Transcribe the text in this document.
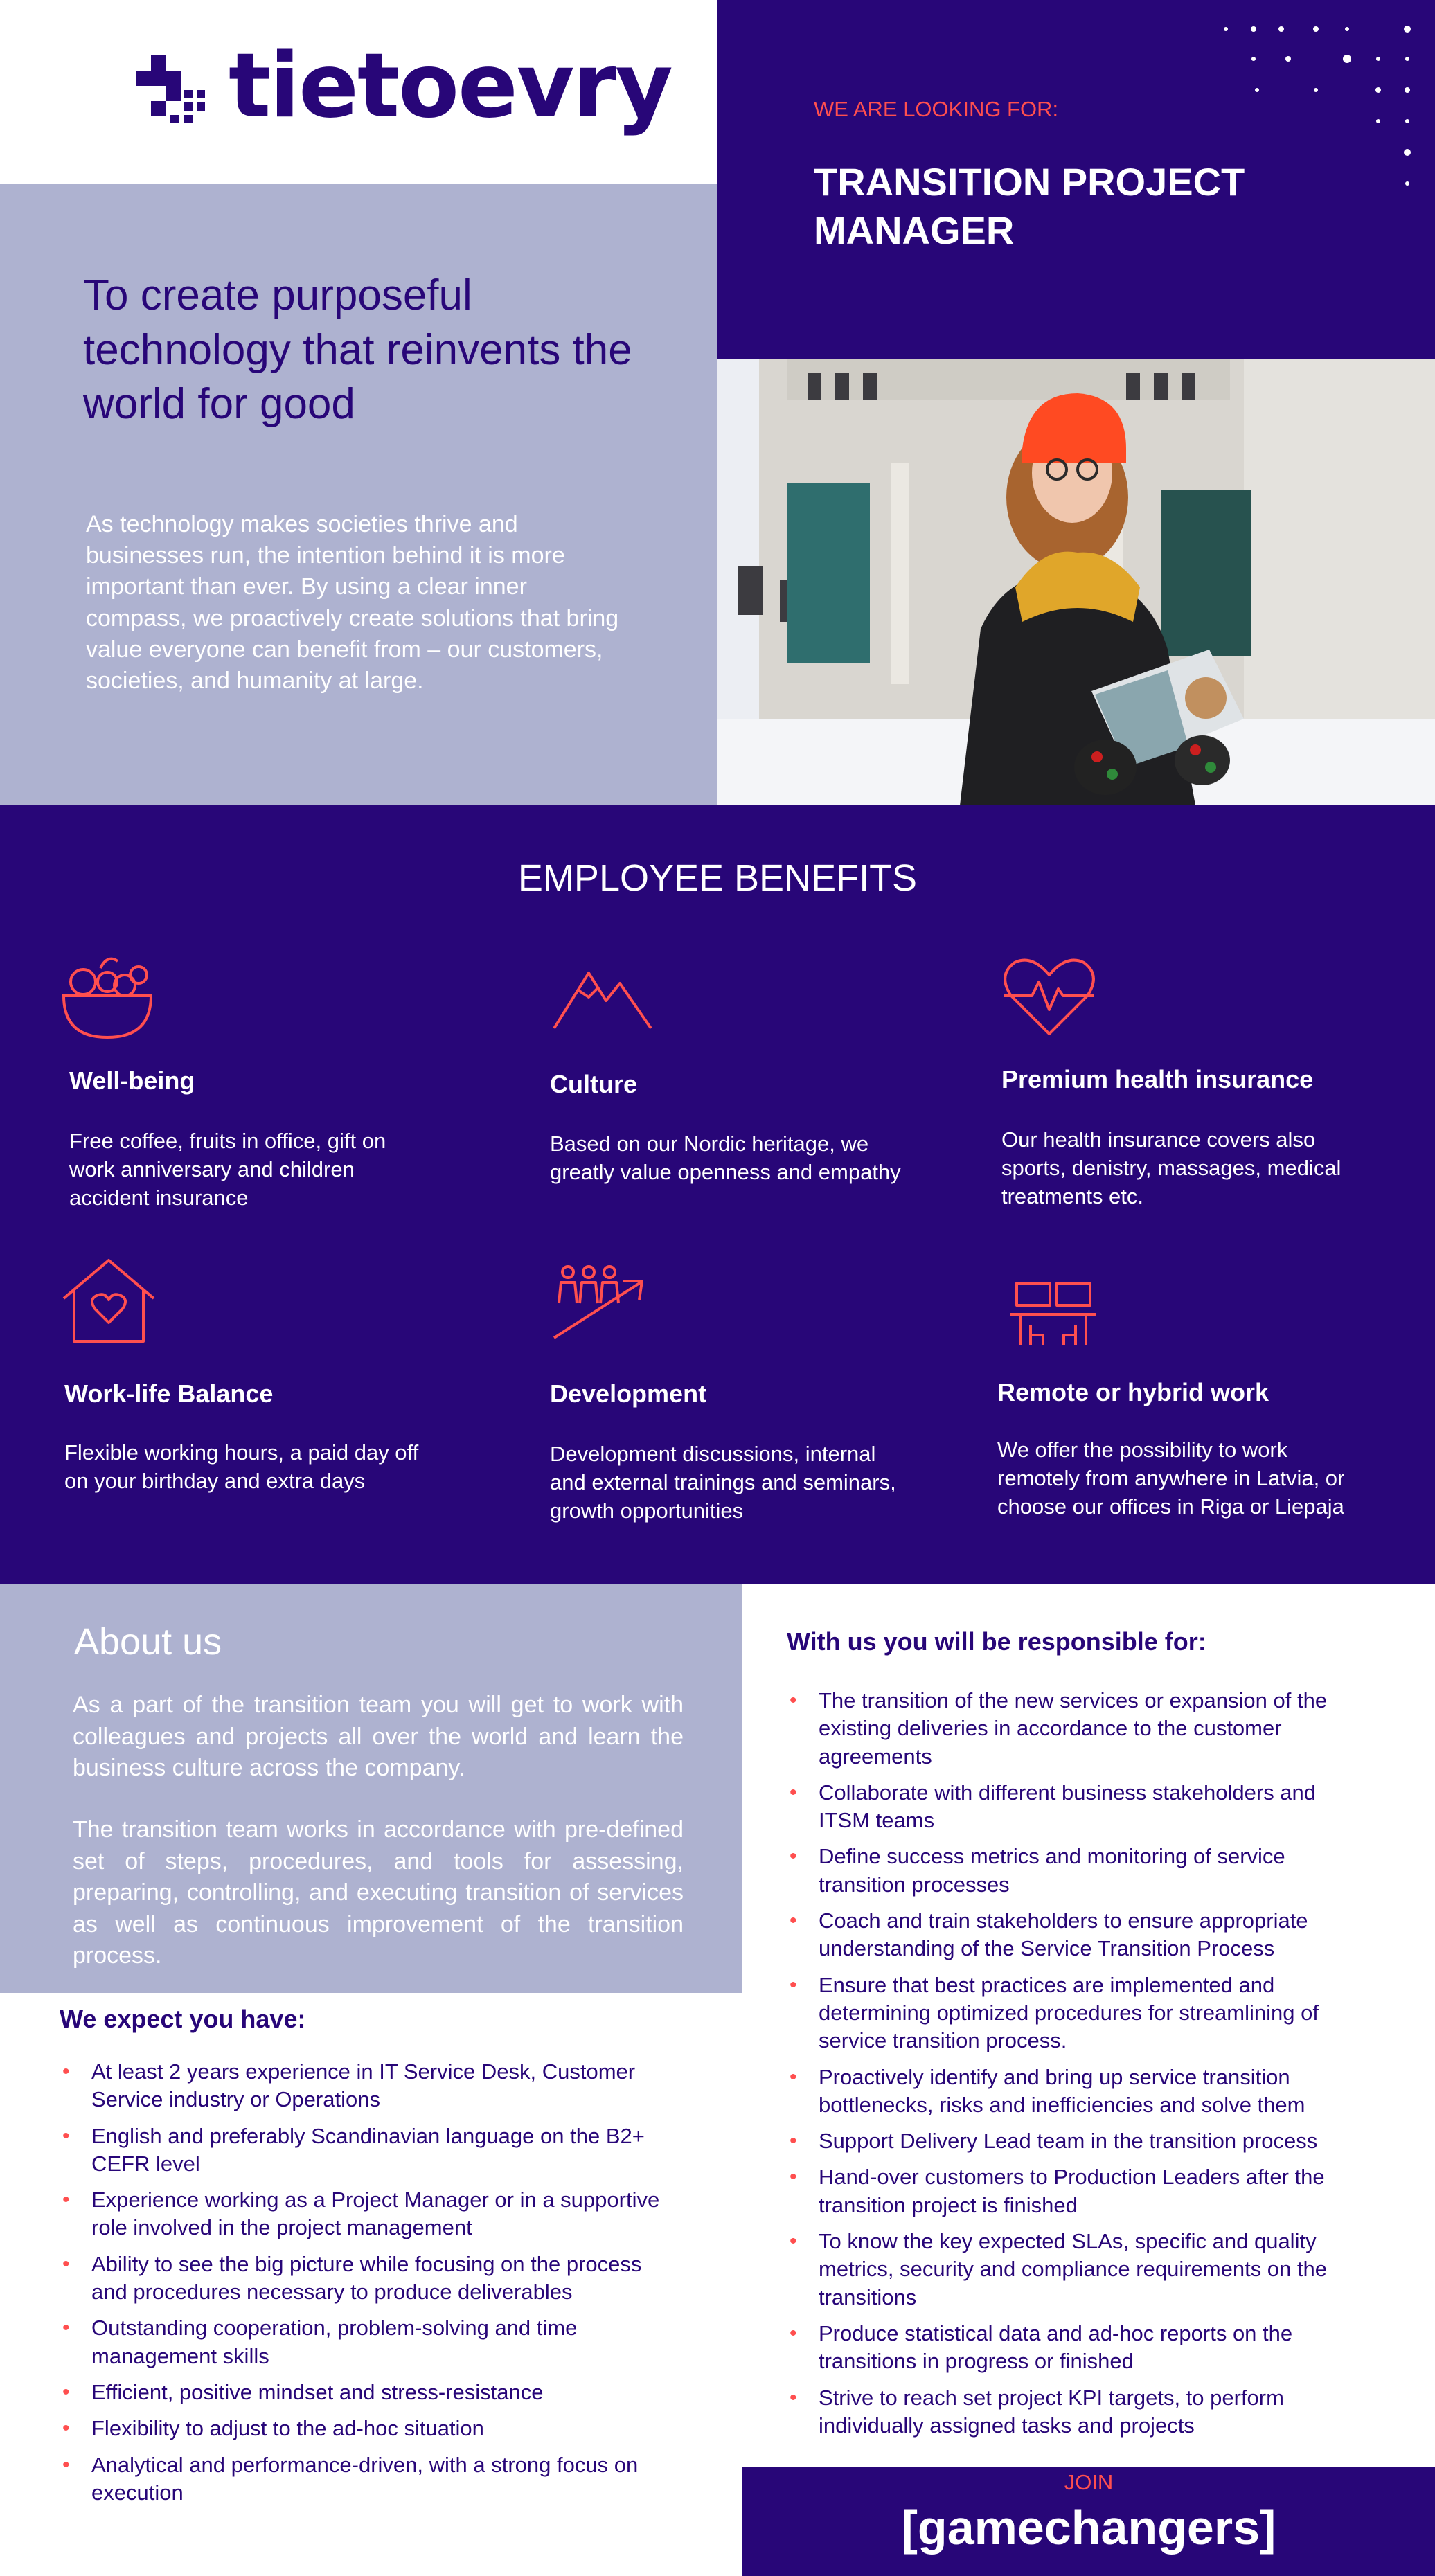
tietoevry	WE ARE LOOKING FOR:
TRANSITION PROJECT MANAGER
To create purposeful technology that reinvents the world for good
As technology makes societies thrive and businesses run, the intention behind it is more important than ever. By using a clear inner compass, we proactively create solutions that bring value everyone can benefit from – our customers, societies, and humanity at large.
EMPLOYEE BENEFITS
Well-being
Free coffee, fruits in office, gift on work anniversary and children accident insurance
Culture
Based on our Nordic heritage, we greatly value openness and empathy
Premium health insurance
Our health insurance covers also sports, denistry, massages, medical treatments etc.
Work-life Balance
Flexible working hours, a paid day off on your birthday and extra days
Development
Development discussions, internal and external trainings and seminars, growth opportunities
Remote or hybrid work
We offer the possibility to work remotely from anywhere in Latvia, or choose our offices in Riga or Liepaja
About us
As a part of the transition team you will get to work with colleagues and projects all over the world and learn the business culture across the company.
The transition team works in accordance with pre-defined set of steps, procedures, and tools for assessing, preparing, controlling, and executing transition of services as well as continuous improvement of the transition process.
We expect you have:
• At least 2 years experience in IT Service Desk, Customer Service industry or Operations
• English and preferably Scandinavian language on the B2+ CEFR level
• Experience working as a Project Manager or in a supportive role involved in the project management
• Ability to see the big picture while focusing on the process and procedures necessary to produce deliverables
• Outstanding cooperation, problem-solving and time management skills
• Efficient, positive mindset and stress-resistance
• Flexibility to adjust to the ad-hoc situation
• Analytical and performance-driven, with a strong focus on execution
With us you will be responsible for:
• The transition of the new services or expansion of the existing deliveries in accordance to the customer agreements
• Collaborate with different business stakeholders and ITSM teams
• Define success metrics and monitoring of service transition processes
• Coach and train stakeholders to ensure appropriate understanding of the Service Transition Process
• Ensure that best practices are implemented and determining optimized procedures for streamlining of service transition process.
• Proactively identify and bring up service transition bottlenecks, risks and inefficiencies and solve them
• Support Delivery Lead team in the transition process
• Hand-over customers to Production Leaders after the transition project is finished
• To know the key expected SLAs, specific and quality metrics, security and compliance requirements on the transitions
• Produce statistical data and ad-hoc reports on the transitions in progress or finished
• Strive to reach set project KPI targets, to perform individually assigned tasks and projects
JOIN
[gamechangers]
